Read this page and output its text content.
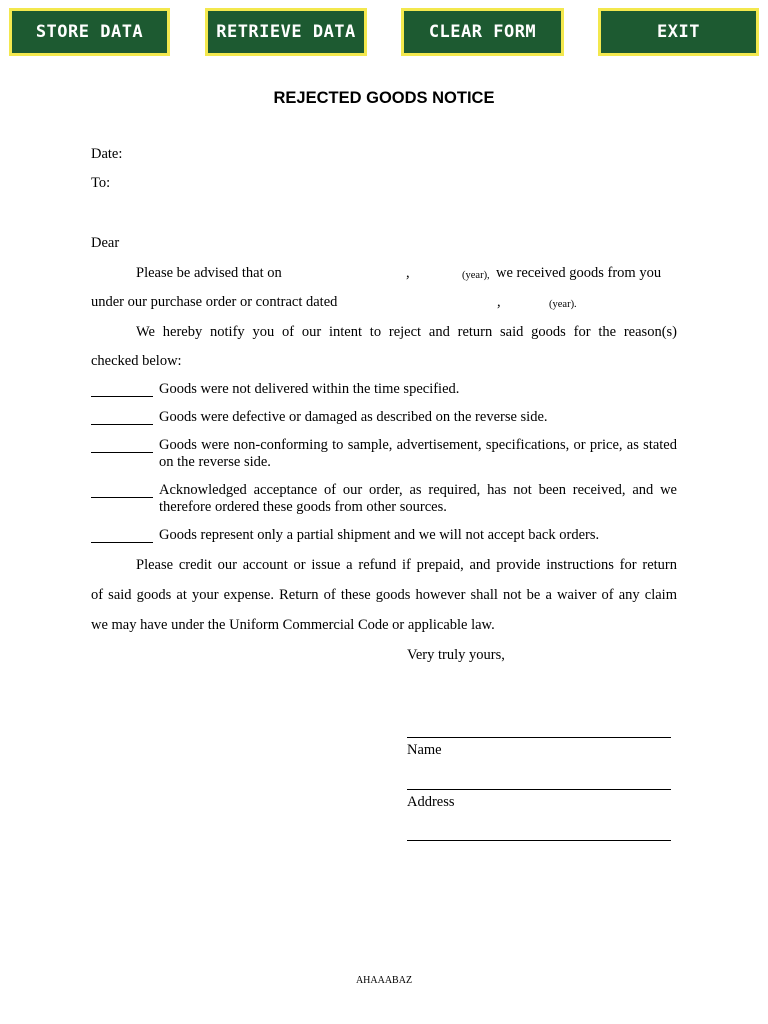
STORE DATA	RETRIEVE DATA	CLEAR FORM	EXIT
REJECTED GOODS NOTICE
Date:
To:
Dear
Please be advised that on	,	(year), we received goods from you
under our purchase order or contract dated	,	(year).
We hereby notify you of our intent to reject and return said goods for the reason(s)
checked below:
Goods were not delivered within the time specified.
Goods were defective or damaged as described on the reverse side.
Goods were non-conforming to sample, advertisement, specifications, or price, as stated on the reverse side.
Acknowledged acceptance of our order, as required, has not been received, and we therefore ordered these goods from other sources.
Goods represent only a partial shipment and we will not accept back orders.
Please credit our account or issue a refund if prepaid, and provide instructions for return
of said goods at your expense. Return of these goods however shall not be a waiver of any claim
we may have under the Uniform Commercial Code or applicable law.
Very truly yours,
Name
Address
AHAAABAZ
